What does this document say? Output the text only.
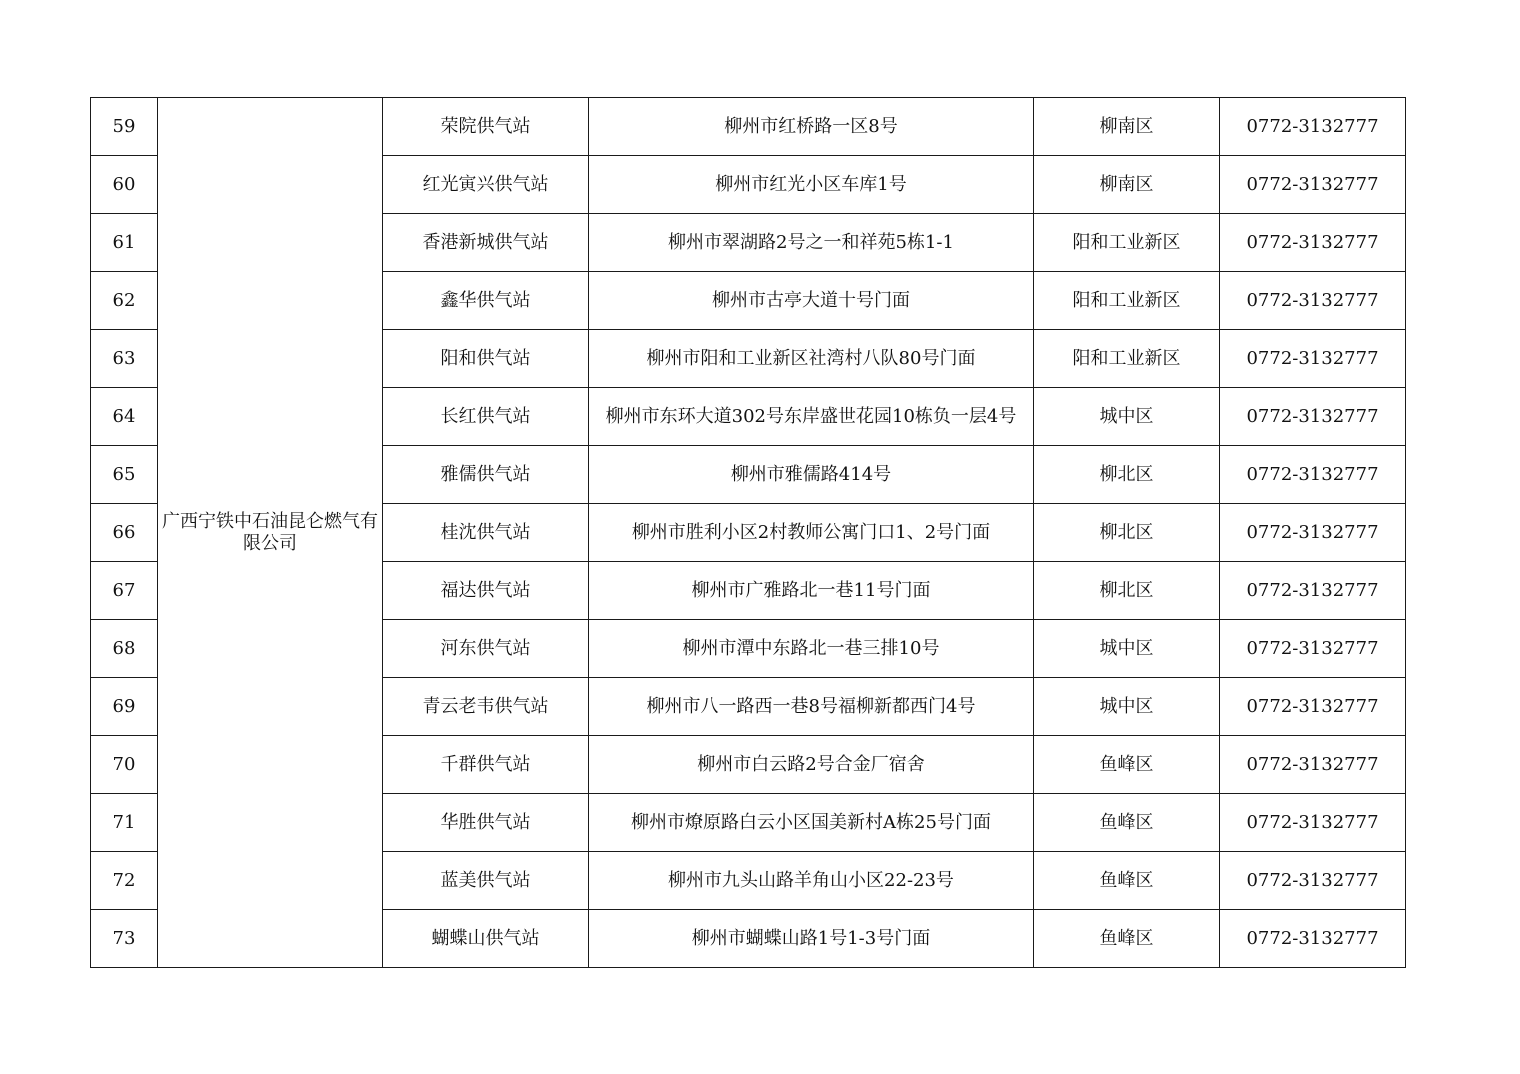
59	广西宁铁中石油昆仑燃气有限公司	荣院供气站	柳州市红桥路一区8号	柳南区	0772-3132777
60		红光寅兴供气站	柳州市红光小区车库1号	柳南区	0772-3132777
61		香港新城供气站	柳州市翠湖路2号之一和祥苑5栋1-1	阳和工业新区	0772-3132777
62		鑫华供气站	柳州市古亭大道十号门面	阳和工业新区	0772-3132777
63		阳和供气站	柳州市阳和工业新区社湾村八队80号门面	阳和工业新区	0772-3132777
64		长红供气站	柳州市东环大道302号东岸盛世花园10栋负一层4号	城中区	0772-3132777
65		雅儒供气站	柳州市雅儒路414号	柳北区	0772-3132777
66		桂沈供气站	柳州市胜利小区2村教师公寓门口1、2号门面	柳北区	0772-3132777
67		福达供气站	柳州市广雅路北一巷11号门面	柳北区	0772-3132777
68		河东供气站	柳州市潭中东路北一巷三排10号	城中区	0772-3132777
69		青云老韦供气站	柳州市八一路西一巷8号福柳新都西门4号	城中区	0772-3132777
70		千群供气站	柳州市白云路2号合金厂宿舍	鱼峰区	0772-3132777
71		华胜供气站	柳州市燎原路白云小区国美新村A栋25号门面	鱼峰区	0772-3132777
72		蓝美供气站	柳州市九头山路羊角山小区22-23号	鱼峰区	0772-3132777
73		蝴蝶山供气站	柳州市蝴蝶山路1号1-3号门面	鱼峰区	0772-3132777
